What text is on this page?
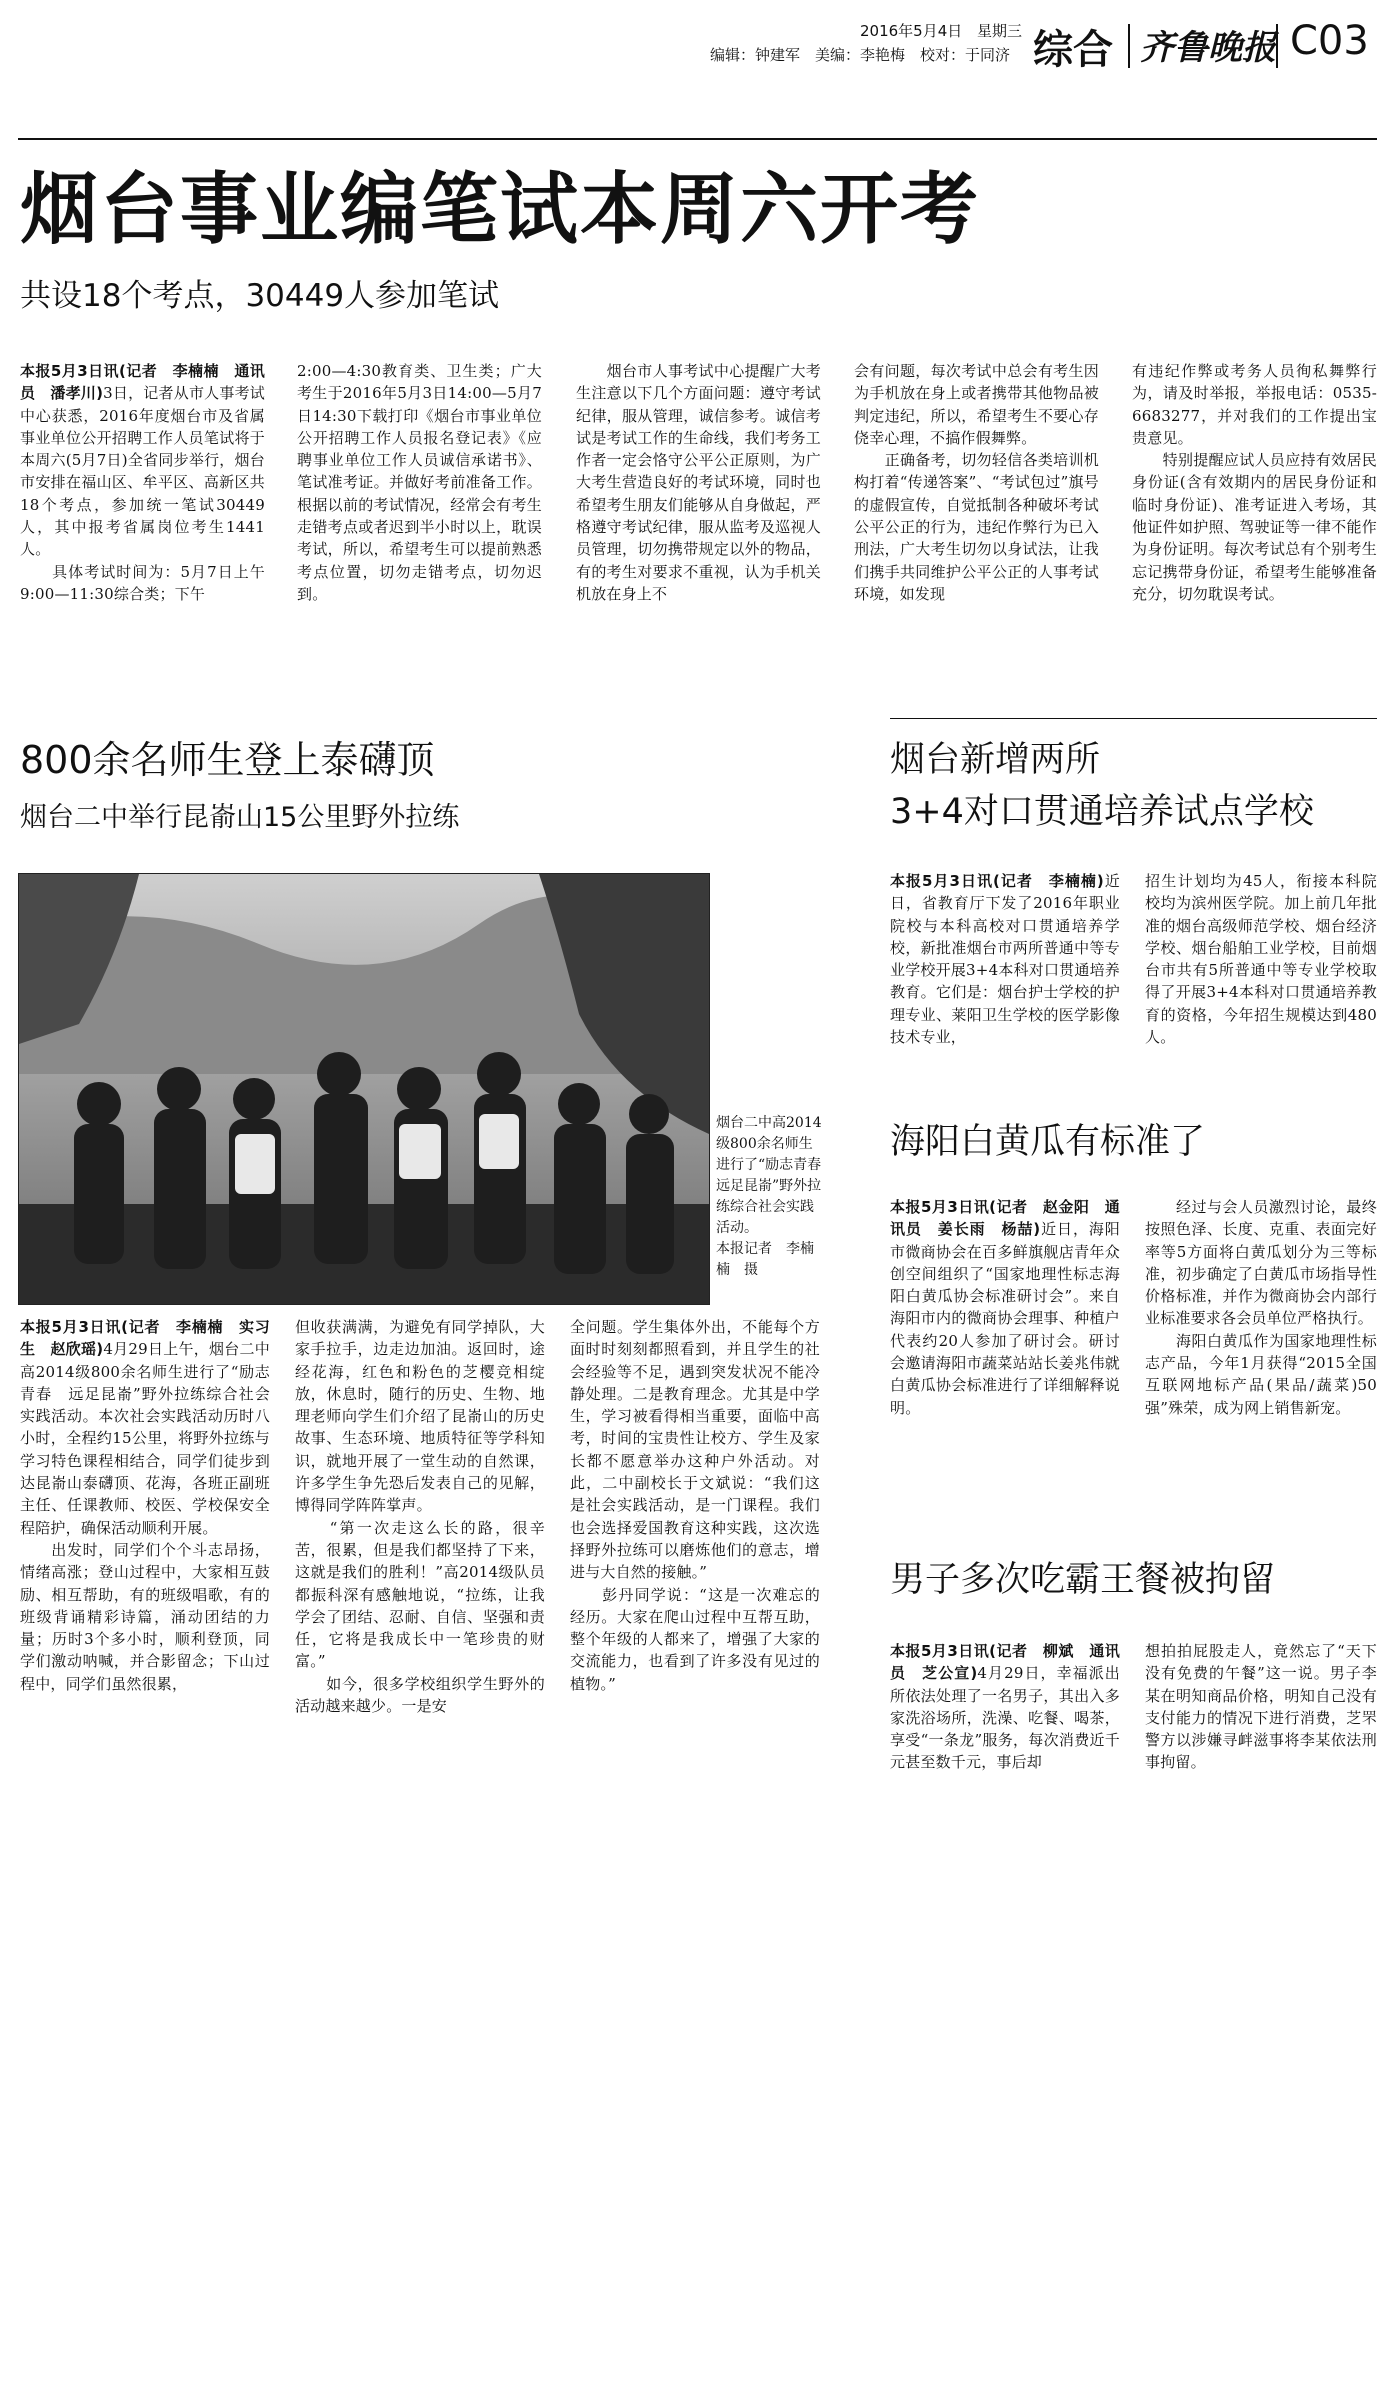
2016年5月4日 星期三
编辑：钟建军　美编：李艳梅　校对：于同济 综合 齐鲁晚报 C03
烟台事业编笔试本周六开考
共设18个考点，30449人参加笔试
本报5月3日讯(记者　李楠楠　通讯员　潘孝川)3日，记者从市人事考试中心获悉，2016年度烟台市及省属事业单位公开招聘工作人员笔试将于本周六(5月7日)全省同步举行，烟台市安排在福山区、牟平区、高新区共18个考点，参加统一笔试30449人，其中报考省属岗位考生1441人。
　　具体考试时间为：5月7日上午9:00—11:30综合类；下午
2:00—4:30教育类、卫生类；广大考生于2016年5月3日14:00—5月7日14:30下载打印《烟台市事业单位公开招聘工作人员报名登记表》《应聘事业单位工作人员诚信承诺书》、笔试准考证。并做好考前准备工作。根据以前的考试情况，经常会有考生走错考点或者迟到半小时以上，耽误考试，所以，希望考生可以提前熟悉考点位置，切勿走错考点，切勿迟到。
　　烟台市人事考试中心提醒广大考生注意以下几个方面问题：遵守考试纪律，服从管理，诚信参考。诚信考试是考试工作的生命线，我们考务工作者一定会恪守公平公正原则，为广大考生营造良好的考试环境，同时也希望考生朋友们能够从自身做起，严格遵守考试纪律，服从监考及巡视人员管理，切勿携带规定以外的物品，有的考生对要求不重视，认为手机关机放在身上不
会有问题，每次考试中总会有考生因为手机放在身上或者携带其他物品被判定违纪，所以，希望考生不要心存侥幸心理，不搞作假舞弊。
　　正确备考，切勿轻信各类培训机构打着“传递答案”、“考试包过”旗号的虚假宣传，自觉抵制各种破坏考试公平公正的行为，违纪作弊行为已入刑法，广大考生切勿以身试法，让我们携手共同维护公平公正的人事考试环境，如发现
有违纪作弊或考务人员徇私舞弊行为，请及时举报，举报电话：0535-6683277，并对我们的工作提出宝贵意见。
　　特别提醒应试人员应持有效居民身份证(含有效期内的居民身份证和临时身份证)、准考证进入考场，其他证件如护照、驾驶证等一律不能作为身份证明。每次考试总有个别考生忘记携带身份证，希望考生能够准备充分，切勿耽误考试。
800余名师生登上泰礴顶
烟台二中举行昆嵛山15公里野外拉练
烟台二中高2014级800余名师生进行了“励志青春　远足昆嵛”野外拉练综合社会实践活动。
本报记者　李楠楠　摄
本报5月3日讯(记者　李楠楠　实习生　赵欣瑶)4月29日上午，烟台二中高2014级800余名师生进行了“励志青春　远足昆嵛”野外拉练综合社会实践活动。本次社会实践活动历时八小时，全程约15公里，将野外拉练与学习特色课程相结合，同学们徒步到达昆嵛山泰礴顶、花海，各班正副班主任、任课教师、校医、学校保安全程陪护，确保活动顺利开展。
　　出发时，同学们个个斗志昂扬，情绪高涨；登山过程中，大家相互鼓励、相互帮助，有的班级唱歌，有的班级背诵精彩诗篇，涌动团结的力量；历时3个多小时，顺利登顶，同学们激动呐喊，并合影留念；下山过程中，同学们虽然很累，
但收获满满，为避免有同学掉队，大家手拉手，边走边加油。返回时，途经花海，红色和粉色的芝樱竞相绽放，休息时，随行的历史、生物、地理老师向学生们介绍了昆嵛山的历史故事、生态环境、地质特征等学科知识，就地开展了一堂生动的自然课，许多学生争先恐后发表自己的见解，博得同学阵阵掌声。
　　“第一次走这么长的路，很辛苦，很累，但是我们都坚持了下来，这就是我们的胜利！”高2014级队员都振科深有感触地说，“拉练，让我学会了团结、忍耐、自信、坚强和责任，它将是我成长中一笔珍贵的财富。”
　　如今，很多学校组织学生野外的活动越来越少。一是安
全问题。学生集体外出，不能每个方面时时刻刻都照看到，并且学生的社会经验等不足，遇到突发状况不能冷静处理。二是教育理念。尤其是中学生，学习被看得相当重要，面临中高考，时间的宝贵性让校方、学生及家长都不愿意举办这种户外活动。对此，二中副校长于文斌说：“我们这是社会实践活动，是一门课程。我们也会选择爱国教育这种实践，这次选择野外拉练可以磨炼他们的意志，增进与大自然的接触。”
　　彭丹同学说：“这是一次难忘的经历。大家在爬山过程中互帮互助，整个年级的人都来了，增强了大家的交流能力，也看到了许多没有见过的植物。”
烟台新增两所
3+4对口贯通培养试点学校
本报5月3日讯(记者　李楠楠)近日，省教育厅下发了2016年职业院校与本科高校对口贯通培养学校，新批准烟台市两所普通中等专业学校开展3+4本科对口贯通培养教育。它们是：烟台护士学校的护理专业、莱阳卫生学校的医学影像技术专业，
招生计划均为45人，衔接本科院校均为滨州医学院。加上前几年批准的烟台高级师范学校、烟台经济学校、烟台船舶工业学校，目前烟台市共有5所普通中等专业学校取得了开展3+4本科对口贯通培养教育的资格，今年招生规模达到480人。
海阳白黄瓜有标准了
本报5月3日讯(记者　赵金阳　通讯员　姜长雨　杨喆)近日，海阳市微商协会在百多鲜旗舰店青年众创空间组织了“国家地理性标志海阳白黄瓜协会标准研讨会”。来自海阳市内的微商协会理事、种植户代表约20人参加了研讨会。研讨会邀请海阳市蔬菜站站长姜兆伟就白黄瓜协会标准进行了详细解释说明。
　　经过与会人员激烈讨论，最终按照色泽、长度、克重、表面完好率等5方面将白黄瓜划分为三等标准，初步确定了白黄瓜市场指导性价格标准，并作为微商协会内部行业标准要求各会员单位严格执行。
　　海阳白黄瓜作为国家地理性标志产品，今年1月获得“2015全国互联网地标产品(果品/蔬菜)50强”殊荣，成为网上销售新宠。
男子多次吃霸王餐被拘留
本报5月3日讯(记者　柳斌　通讯员　芝公宣)4月29日，幸福派出所依法处理了一名男子，其出入多家洗浴场所，洗澡、吃餐、喝茶，享受“一条龙”服务，每次消费近千元甚至数千元，事后却
想拍拍屁股走人，竟然忘了“天下没有免费的午餐”这一说。男子李某在明知商品价格，明知自己没有支付能力的情况下进行消费，芝罘警方以涉嫌寻衅滋事将李某依法刑事拘留。
